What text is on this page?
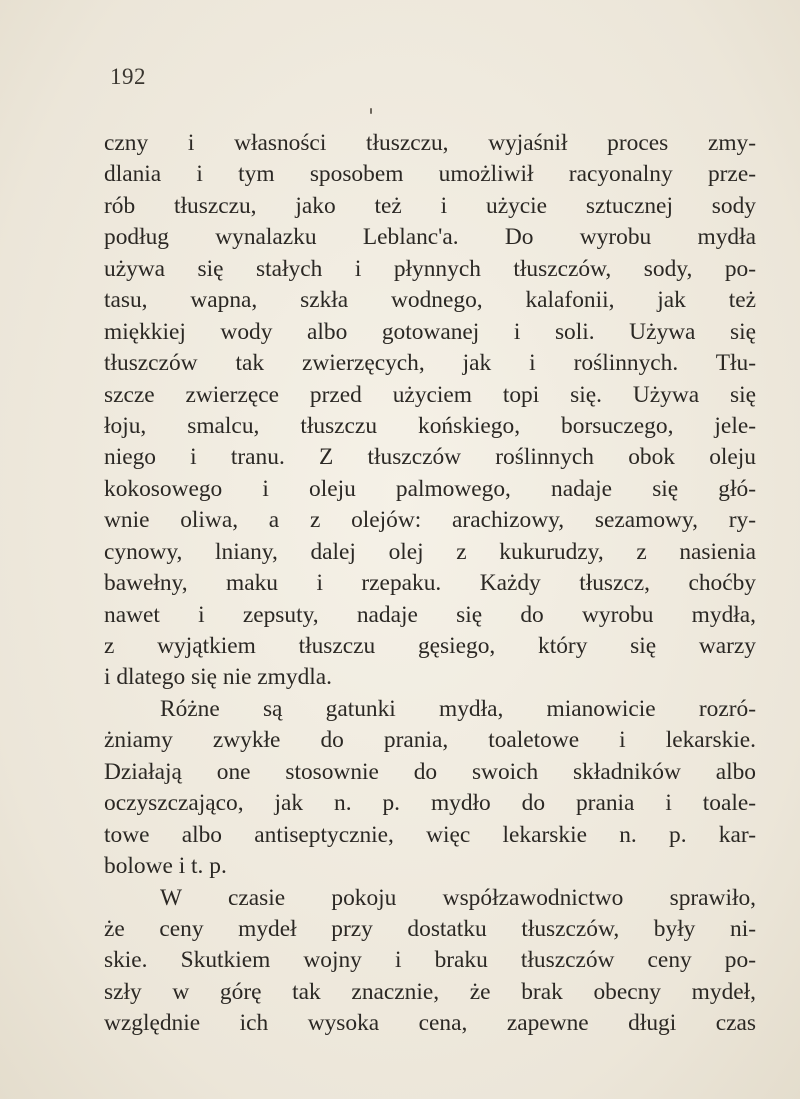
192
czny i własności tłuszczu, wyjaśnił proces zmy-
dlania i tym sposobem umożliwił racyonalny prze-
rób tłuszczu, jako też i użycie sztucznej sody
podług wynalazku Leblanc'a. Do wyrobu mydła
używa się stałych i płynnych tłuszczów, sody, po-
tasu, wapna, szkła wodnego, kalafonii, jak też
miękkiej wody albo gotowanej i soli. Używa się
tłuszczów tak zwierzęcych, jak i roślinnych. Tłu-
szcze zwierzęce przed użyciem topi się. Używa się
łoju, smalcu, tłuszczu końskiego, borsuczego, jele-
niego i tranu. Z tłuszczów roślinnych obok oleju
kokosowego i oleju palmowego, nadaje się głó-
wnie oliwa, a z olejów: arachizowy, sezamowy, ry-
cynowy, lniany, dalej olej z kukurudzy, z nasienia
bawełny, maku i rzepaku. Każdy tłuszcz, choćby
nawet i zepsuty, nadaje się do wyrobu mydła,
z wyjątkiem tłuszczu gęsiego, który się warzy
i dlatego się nie zmydla.
Różne są gatunki mydła, mianowicie rozró-
żniamy zwykłe do prania, toaletowe i lekarskie.
Działają one stosownie do swoich składników albo
oczyszczająco, jak n. p. mydło do prania i toale-
towe albo antiseptycznie, więc lekarskie n. p. kar-
bolowe i t. p.
W czasie pokoju współzawodnictwo sprawiło,
że ceny mydeł przy dostatku tłuszczów, były ni-
skie. Skutkiem wojny i braku tłuszczów ceny po-
szły w górę tak znacznie, że brak obecny mydeł,
względnie ich wysoka cena, zapewne długi czas
